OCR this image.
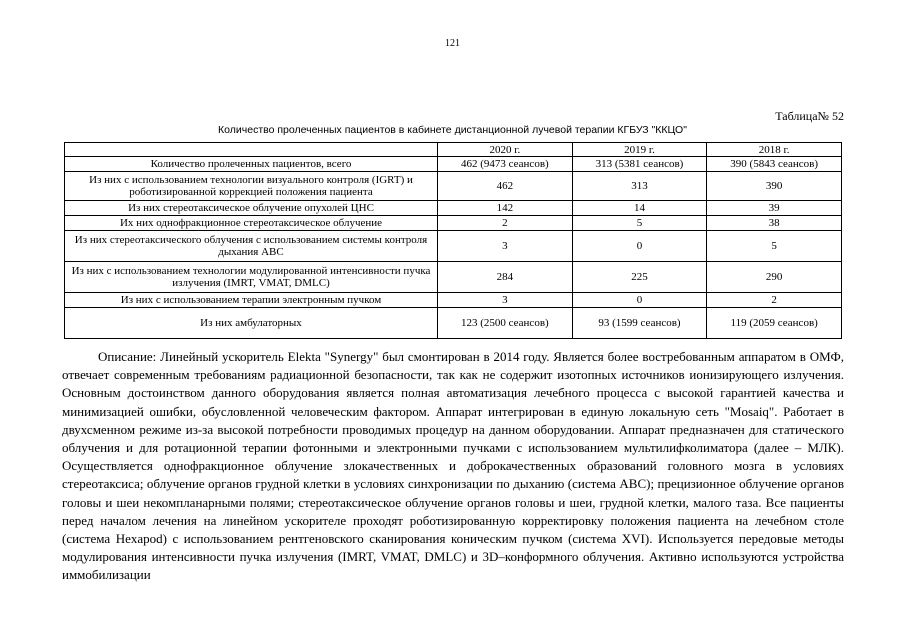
121
Таблица№ 52
Количество пролеченных пациентов в кабинете дистанционной лучевой терапии КГБУЗ "ККЦО"
	2020 г.	2019 г.	2018 г.
Количество пролеченных пациентов, всего	462 (9473 сеансов)	313 (5381 сеансов)	390 (5843 сеансов)
Из них с использованием технологии визуального контроля (IGRT) и роботизированной коррекцией положения пациента	462	313	390
Из них стереотаксическое облучение опухолей ЦНС	142	14	39
Их них однофракционное стереотаксическое облучение	2	5	38
Из них стереотаксического облучения с использованием системы контроля дыхания ABC	3	0	5
Из них с использованием технологии модулированной интенсивности пучка излучения (IMRT, VMAT, DMLC)	284	225	290
Из них с использованием терапии электронным пучком	3	0	2
Из них амбулаторных	123 (2500 сеансов)	93 (1599 сеансов)	119 (2059 сеансов)

Описание: Линейный ускоритель Elekta "Synergy" был смонтирован в 2014 году. Является более востребованным аппаратом в ОМФ, отвечает современным требованиям радиационной безопасности, так как не содержит изотопных источников ионизирующего излучения. Основным достоинством данного оборудования является полная автоматизация лечебного процесса с высокой гарантией качества и минимизацией ошибки, обусловленной человеческим фактором. Аппарат интегрирован в единую локальную сеть "Mosaiq". Работает в двухсменном режиме из-за высокой потребности проводимых процедур на данном оборудовании. Аппарат предназначен для статического облучения и для ротационной терапии фотонными и электронными пучками с использованием мультилифколиматора (далее – МЛК). Осуществляется однофракционное облучение злокачественных и доброкачественных образований головного мозга в условиях стереотаксиса; облучение органов грудной клетки в условиях синхронизации по дыханию (система ABC); прецизионное облучение органов головы и шеи некомпланарными полями; стереотаксическое облучение органов головы и шеи, грудной клетки, малого таза. Все пациенты перед началом лечения на линейном ускорителе проходят роботизированную корректировку положения пациента на лечебном столе (система Hexapod) с использованием рентгеновского сканирования коническим пучком (система XVI). Используется передовые методы модулирования интенсивности пучка излучения (IMRT, VMAT, DMLC) и 3D–конформного облучения. Активно используются устройства иммобилизации
